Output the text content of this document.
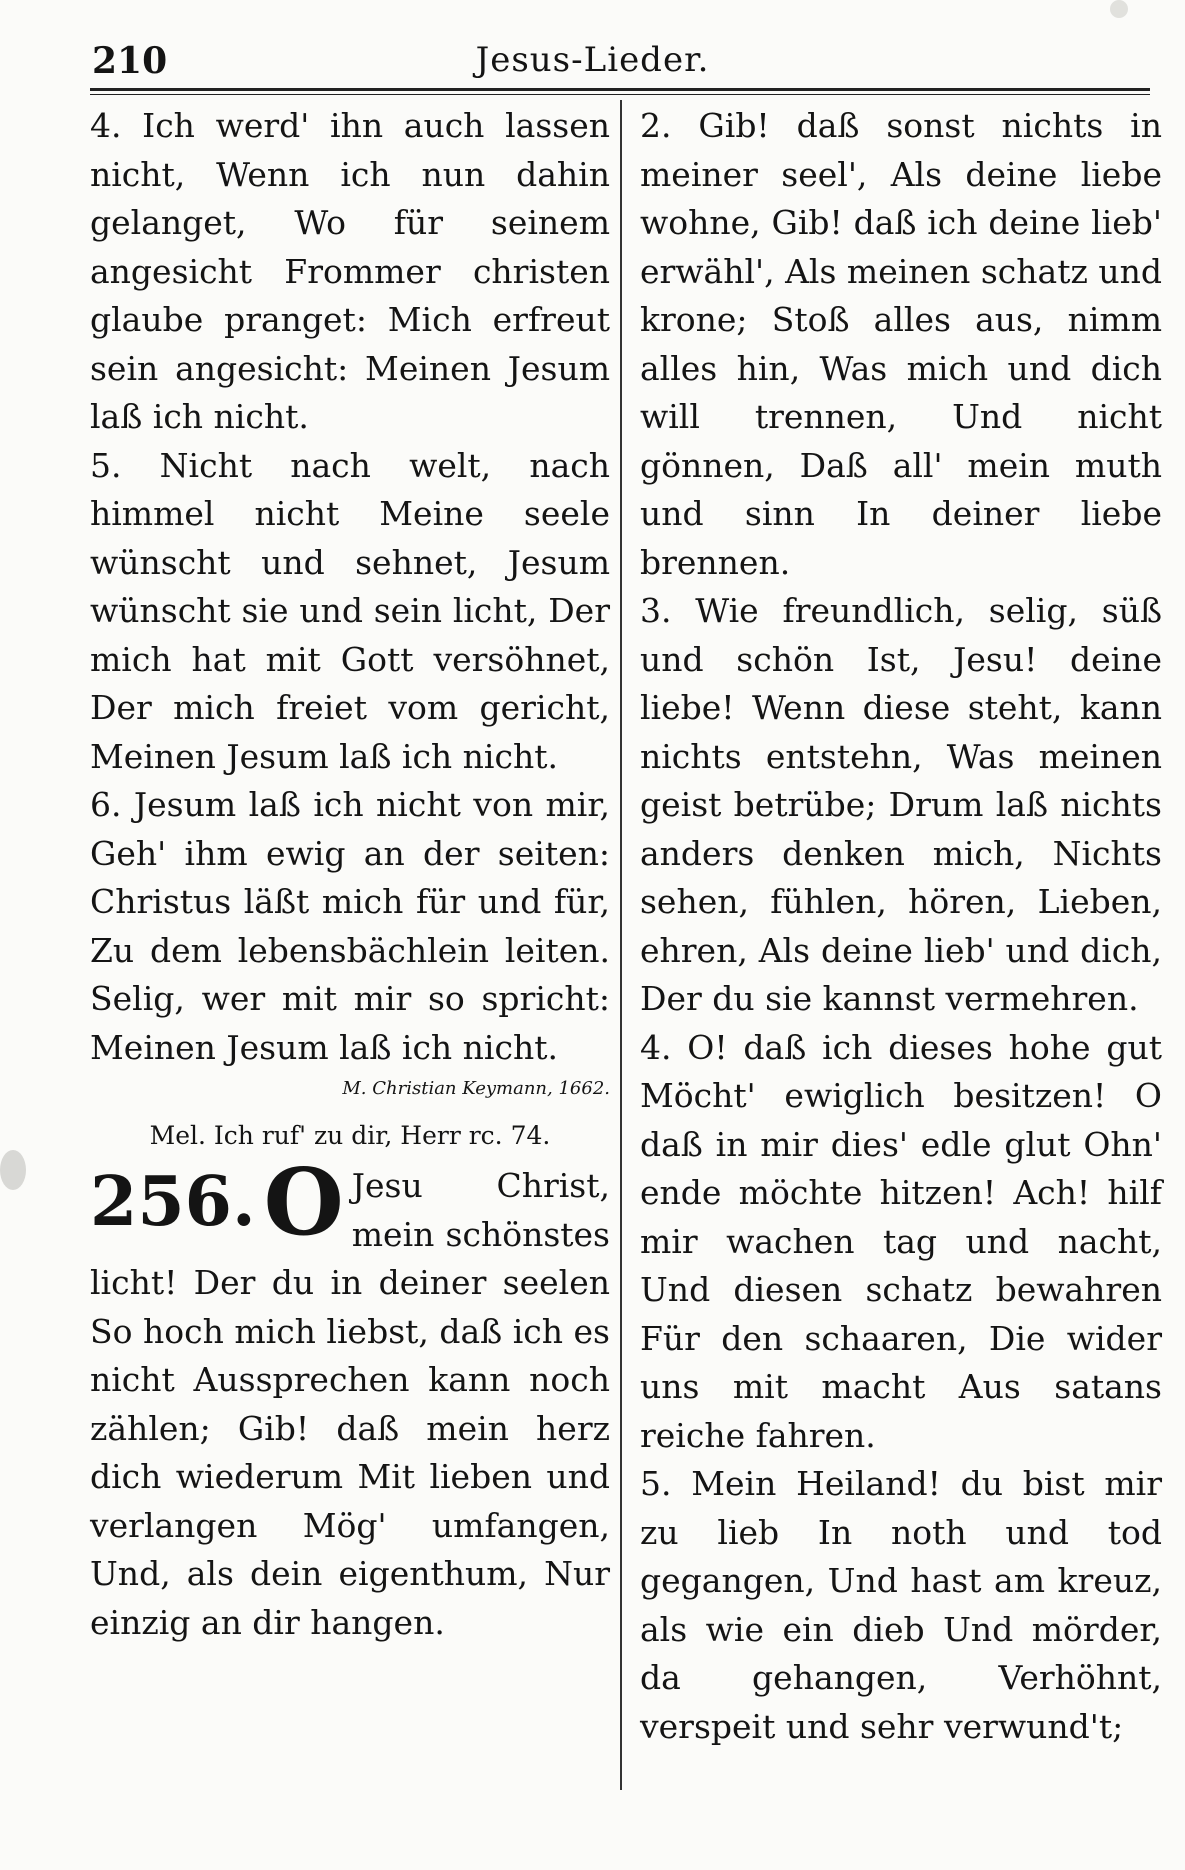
210	Jesus-Lieder.

4. Ich werd' ihn auch lassen nicht, Wenn ich nun dahin gelanget, Wo für seinem angesicht Frommer christen glaube pranget: Mich erfreut sein angesicht: Meinen Jesum laß ich nicht.

5. Nicht nach welt, nach himmel nicht Meine seele wünscht und sehnet, Jesum wünscht sie und sein licht, Der mich hat mit Gott versöhnet, Der mich freiet vom gericht, Meinen Jesum laß ich nicht.

6. Jesum laß ich nicht von mir, Geh' ihm ewig an der seiten: Christus läßt mich für und für, Zu dem lebensbächlein leiten. Selig, wer mit mir so spricht: Meinen Jesum laß ich nicht.

M. Christian Keymann, 1662.
Mel. Ich ruf' zu dir, Herr rc. 74.
256. O Jesu Christ, mein schönstes licht! Der du in deiner seelen So hoch mich liebst, daß ich es nicht Aussprechen kann noch zählen; Gib! daß mein herz dich wiederum Mit lieben und verlangen Mög' umfangen, Und, als dein eigenthum, Nur einzig an dir hangen.

2. Gib! daß sonst nichts in meiner seel', Als deine liebe wohne, Gib! daß ich deine lieb' erwähl', Als meinen schatz und krone; Stoß alles aus, nimm alles hin, Was mich und dich will trennen, Und nicht gönnen, Daß all' mein muth und sinn In deiner liebe brennen.

3. Wie freundlich, selig, süß und schön Ist, Jesu! deine liebe! Wenn diese steht, kann nichts entstehn, Was meinen geist betrübe; Drum laß nichts anders denken mich, Nichts sehen, fühlen, hören, Lieben, ehren, Als deine lieb' und dich, Der du sie kannst vermehren.

4. O! daß ich dieses hohe gut Möcht' ewiglich besitzen! O daß in mir dies' edle glut Ohn' ende möchte hitzen! Ach! hilf mir wachen tag und nacht, Und diesen schatz bewahren Für den schaaren, Die wider uns mit macht Aus satans reiche fahren.

5. Mein Heiland! du bist mir zu lieb In noth und tod gegangen, Und hast am kreuz, als wie ein dieb Und mörder, da gehangen, Verhöhnt, verspeit und sehr verwund't;
